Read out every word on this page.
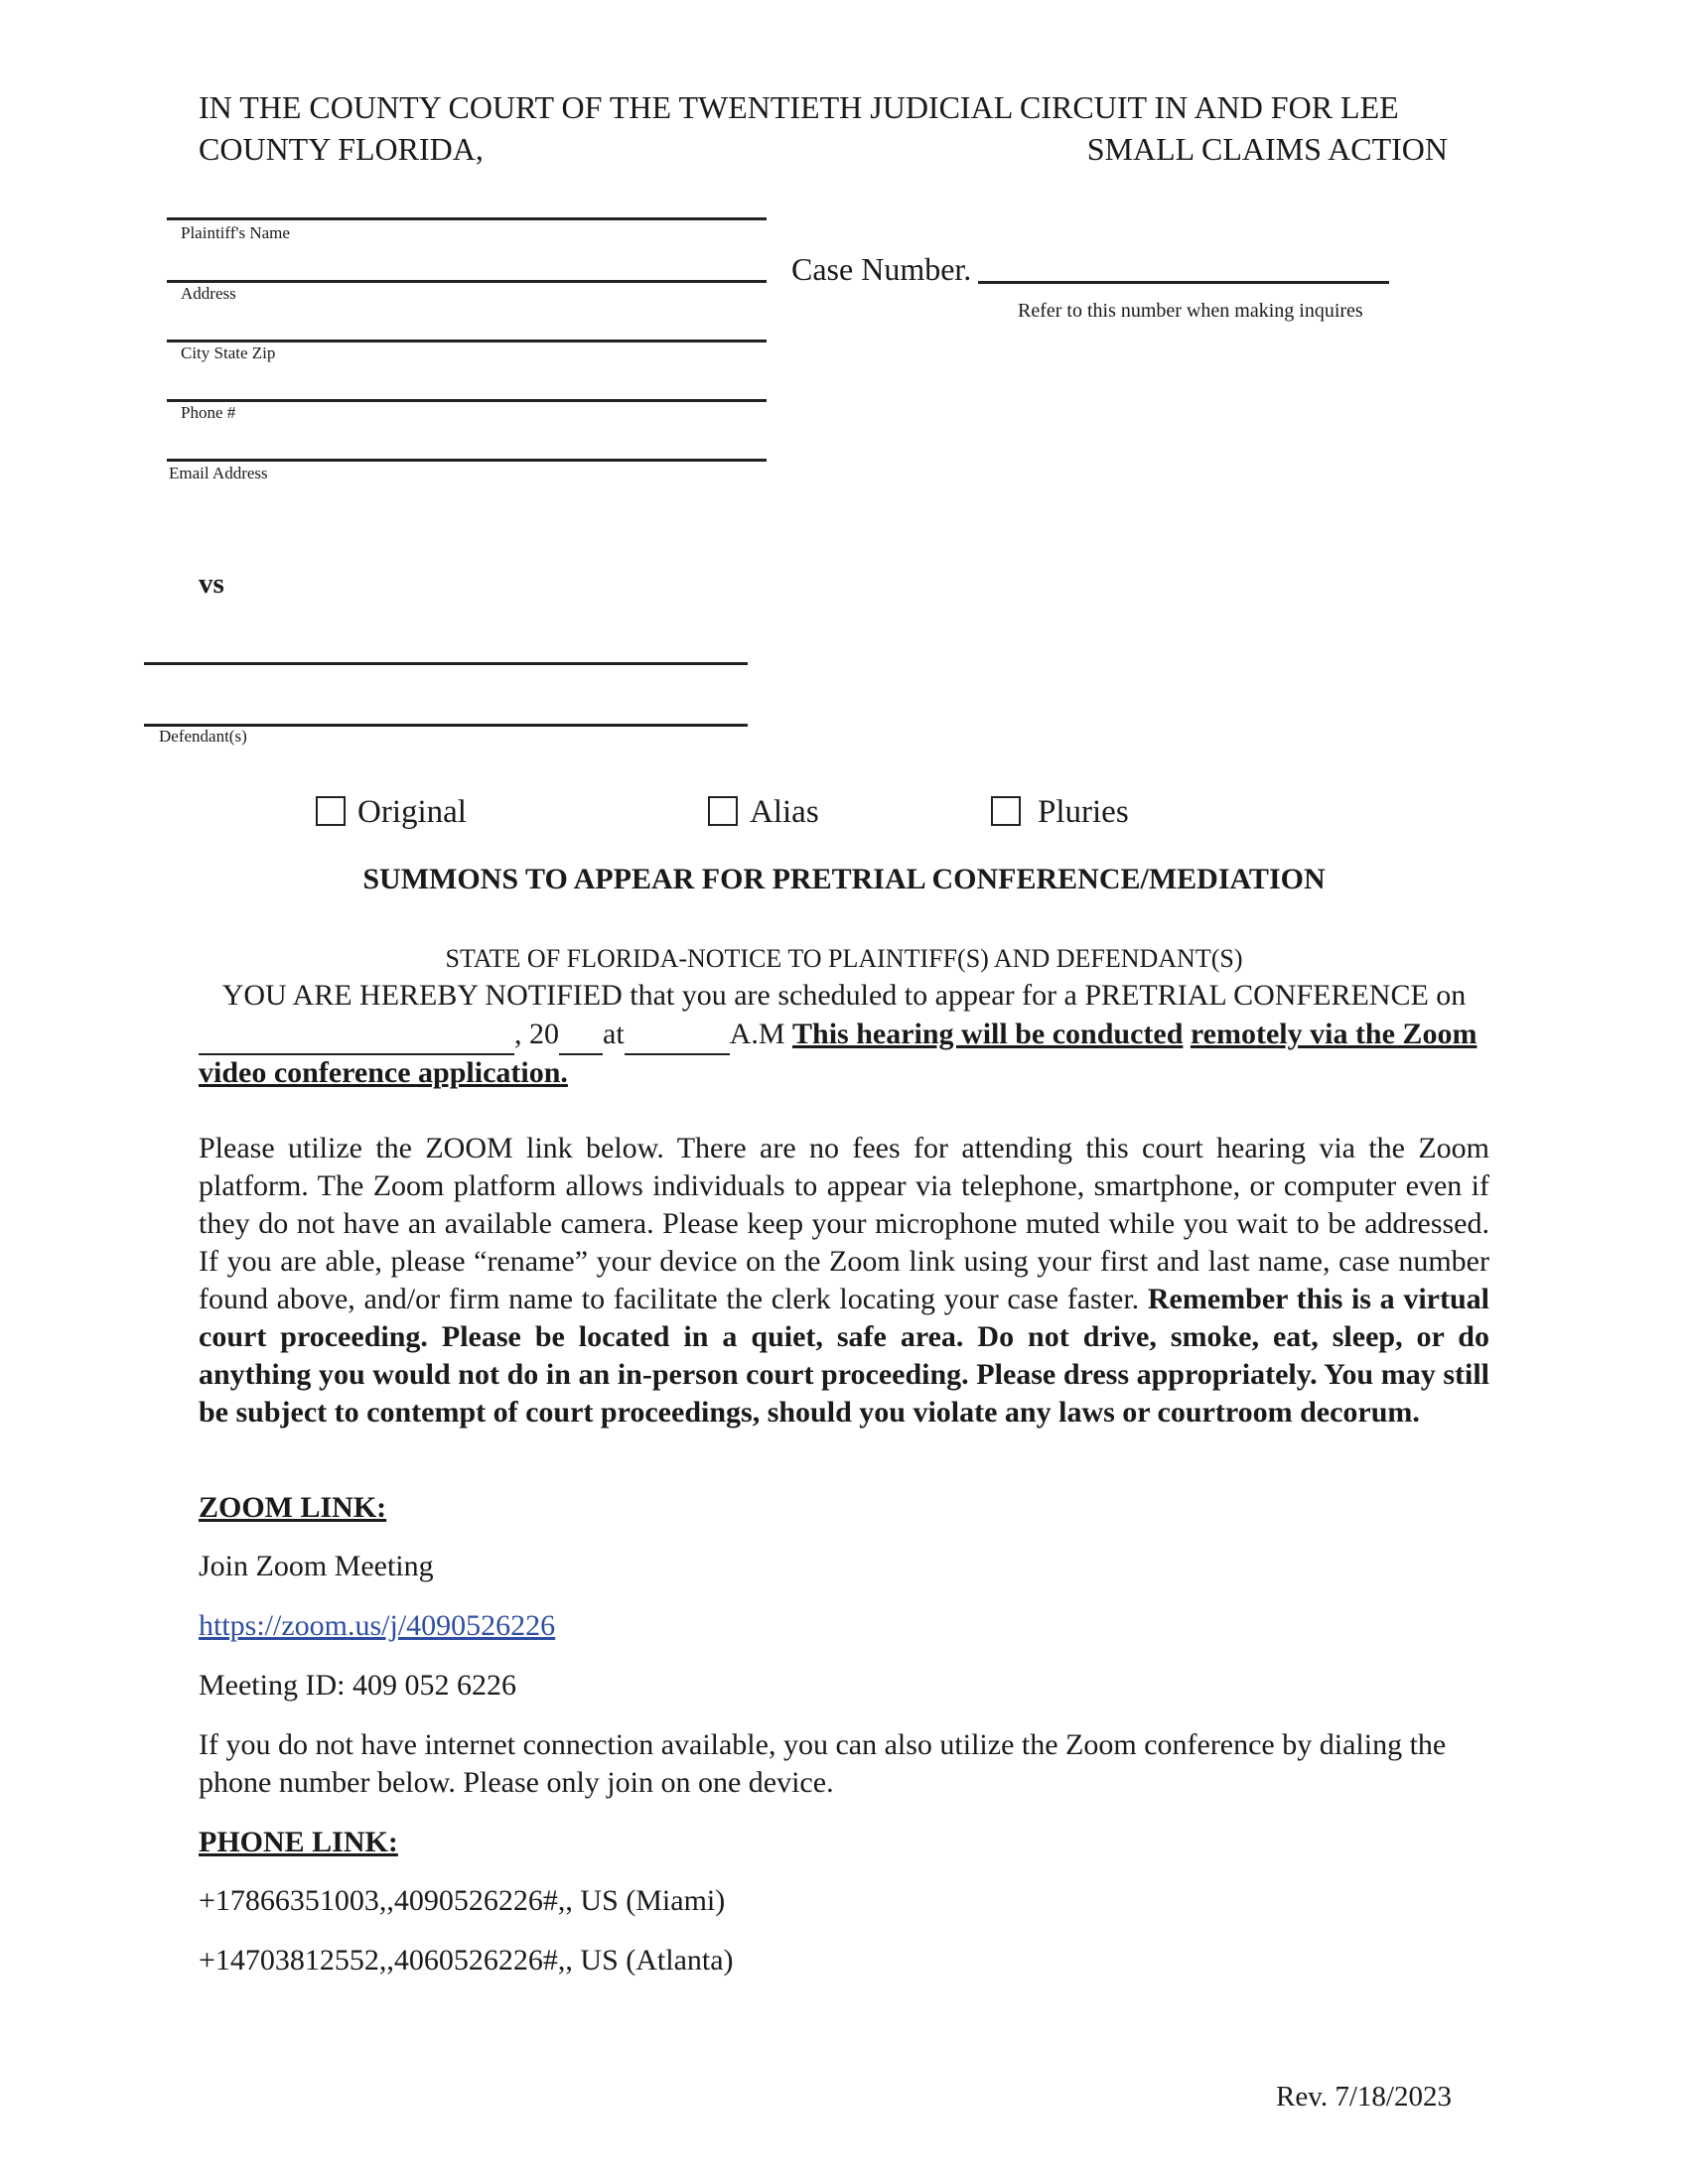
IN THE COUNTY COURT OF THE TWENTIETH JUDICIAL CIRCUIT IN AND FOR LEE
COUNTY FLORIDA,	SMALL CLAIMS ACTION
Plaintiff's Name
Address
City State Zip
Phone #
Email Address
Case Number.
Refer to this number when making inquires
vs
Defendant(s)
Original	Alias	Pluries
SUMMONS TO APPEAR FOR PRETRIAL CONFERENCE/MEDIATION
STATE OF FLORIDA-NOTICE TO PLAINTIFF(S) AND DEFENDANT(S)
YOU ARE HEREBY NOTIFIED that you are scheduled to appear for a PRETRIAL CONFERENCE on
, 20 at	A.M This hearing will be conducted remotely via the Zoom
video conference application.
Please utilize the ZOOM link below. There are no fees for attending this court hearing via the Zoom platform. The Zoom platform allows individuals to appear via telephone, smartphone, or computer even if they do not have an available camera. Please keep your microphone muted while you wait to be addressed. If you are able, please “rename” your device on the Zoom link using your first and last name, case number found above, and/or firm name to facilitate the clerk locating your case faster. Remember this is a virtual court proceeding. Please be located in a quiet, safe area. Do not drive, smoke, eat, sleep, or do anything you would not do in an in-person court proceeding. Please dress appropriately. You may still be subject to contempt of court proceedings, should you violate any laws or courtroom decorum.
ZOOM LINK:
Join Zoom Meeting
https://zoom.us/j/4090526226
Meeting ID: 409 052 6226
If you do not have internet connection available, you can also utilize the Zoom conference by dialing the phone number below. Please only join on one device.
PHONE LINK:
+17866351003,,4090526226#,, US (Miami)
+14703812552,,4060526226#,, US (Atlanta)
Rev. 7/18/2023
